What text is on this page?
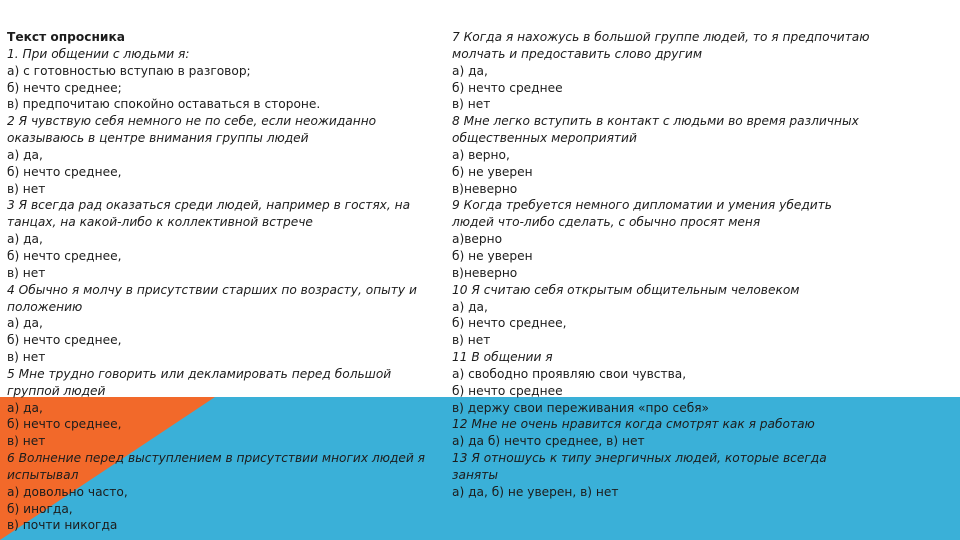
Текст опросника
1. При общении с людьми я:
а) с готовностью вступаю в разговор;
б) нечто среднее;
в) предпочитаю спокойно оставаться в стороне.
2 Я чувствую себя немного не по себе, если неожиданно
оказываюсь в центре внимания группы людей
а) да,
б) нечто среднее,
в) нет
3 Я всегда рад оказаться среди людей, например в гостях, на
танцах, на какой-либо к коллективной встрече
а) да,
б) нечто среднее,
в) нет
4 Обычно я молчу в присутствии старших по возрасту, опыту и
положению
а) да,
б) нечто среднее,
в) нет
5 Мне трудно говорить или декламировать перед большой
группой людей
а) да,
б) нечто среднее,
в) нет
6 Волнение перед выступлением в присутствии многих людей я
испытывал
а) довольно часто,
б) иногда,
в) почти никогда
7 Когда я нахожусь в большой группе людей, то я предпочитаю
молчать и предоставить слово другим
а) да,
б) нечто среднее
в) нет
8 Мне легко вступить в контакт с людьми во время различных
общественных мероприятий
а) верно,
б) не уверен
в)неверно
9 Когда требуется немного дипломатии и умения убедить
людей что-либо сделать, с обычно просят меня
а)верно
б) не уверен
в)неверно
10 Я считаю себя открытым общительным человеком
а) да,
б) нечто среднее,
в) нет
11 В общении я
а) свободно проявляю свои чувства,
б) нечто среднее
в) держу свои переживания «про себя»
12 Мне не очень нравится когда смотрят как я работаю
а) да б) нечто среднее, в) нет
13 Я отношусь к типу энергичных людей, которые всегда
заняты
а) да, б) не уверен, в) нет
